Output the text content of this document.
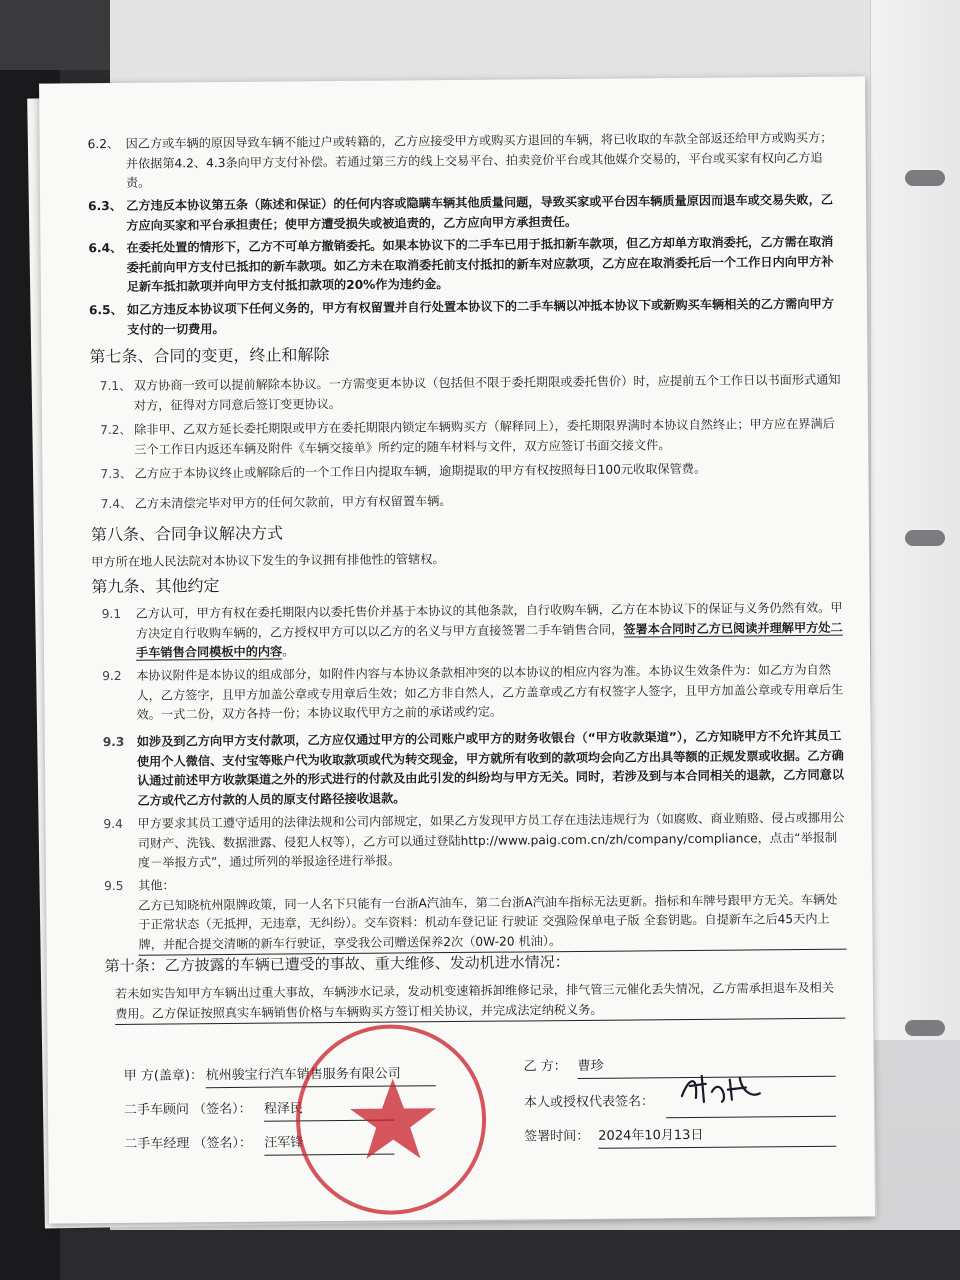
6.2、 因乙方或车辆的原因导致车辆不能过户或转籍的，乙方应接受甲方或购买方退回的车辆，将已收取的车款全部返还给甲方或购买方；并依据第4.2、4.3条向甲方支付补偿。若通过第三方的线上交易平台、拍卖竞价平台或其他媒介交易的，平台或买家有权向乙方追责。
6.3、 乙方违反本协议第五条（陈述和保证）的任何内容或隐瞒车辆其他质量问题，导致买家或平台因车辆质量原因而退车或交易失败，乙方应向买家和平台承担责任；使甲方遭受损失或被追责的，乙方应向甲方承担责任。
6.4、 在委托处置的情形下，乙方不可单方撤销委托。如果本协议下的二手车已用于抵扣新车款项，但乙方却单方取消委托，乙方需在取消委托前向甲方支付已抵扣的新车款项。如乙方未在取消委托前支付抵扣的新车对应款项，乙方应在取消委托后一个工作日内向甲方补足新车抵扣款项并向甲方支付抵扣款项的20%作为违约金。
6.5、 如乙方违反本协议项下任何义务的，甲方有权留置并自行处置本协议下的二手车辆以冲抵本协议下或新购买车辆相关的乙方需向甲方支付的一切费用。
第七条、合同的变更，终止和解除
7.1、 双方协商一致可以提前解除本协议。一方需变更本协议（包括但不限于委托期限或委托售价）时，应提前五个工作日以书面形式通知对方，征得对方同意后签订变更协议。
7.2、 除非甲、乙双方延长委托期限或甲方在委托期限内锁定车辆购买方（解释同上），委托期限界满时本协议自然终止；甲方应在界满后三个工作日内返还车辆及附件《车辆交接单》所约定的随车材料与文件，双方应签订书面交接文件。
7.3、 乙方应于本协议终止或解除后的一个工作日内提取车辆，逾期提取的甲方有权按照每日100元收取保管费。
7.4、 乙方未清偿完毕对甲方的任何欠款前，甲方有权留置车辆。
第八条、合同争议解决方式
甲方所在地人民法院对本协议下发生的争议拥有排他性的管辖权。
第九条、其他约定
9.1	乙方认可，甲方有权在委托期限内以委托售价并基于本协议的其他条款，自行收购车辆，乙方在本协议下的保证与义务仍然有效。甲方决定自行收购车辆的，乙方授权甲方可以以乙方的名义与甲方直接签署二手车销售合同，签署本合同时乙方已阅读并理解甲方处二手车销售合同模板中的内容。
9.2	本协议附件是本协议的组成部分，如附件内容与本协议条款相冲突的以本协议的相应内容为准。本协议生效条件为：如乙方为自然人，乙方签字，且甲方加盖公章或专用章后生效；如乙方非自然人，乙方盖章或乙方有权签字人签字，且甲方加盖公章或专用章后生效。一式二份，双方各持一份；本协议取代甲方之前的承诺或约定。
9.3	如涉及到乙方向甲方支付款项，乙方应仅通过甲方的公司账户或甲方的财务收银台（“甲方收款渠道”），乙方知晓甲方不允许其员工使用个人微信、支付宝等账户代为收取款项或代为转交现金，甲方就所有收到的款项均会向乙方出具等额的正规发票或收据。乙方确认通过前述甲方收款渠道之外的形式进行的付款及由此引发的纠纷均与甲方无关。同时，若涉及到与本合同相关的退款，乙方同意以乙方或代乙方付款的人员的原支付路径接收退款。
9.4	甲方要求其员工遵守适用的法律法规和公司内部规定，如果乙方发现甲方员工存在违法违规行为（如腐败、商业贿赂、侵占或挪用公司财产、洗钱、数据泄露、侵犯人权等），乙方可以通过登陆http://www.paig.com.cn/zh/company/compliance，点击“举报制度－举报方式”，通过所列的举报途径进行举报。
9.5	其他：
乙方已知晓杭州限牌政策，同一人名下只能有一台浙A汽油车，第二台浙A汽油车指标无法更新。指标和车牌号跟甲方无关。车辆处于正常状态（无抵押，无违章，无纠纷）。交车资料：机动车登记证 行驶证 交强险保单电子版 全套钥匙。自提新车之后45天内上牌，并配合提交清晰的新车行驶证，享受我公司赠送保养2次（0W-20 机油）。
第十条：乙方披露的车辆已遭受的事故、重大维修、发动机进水情况：
若未如实告知甲方车辆出过重大事故，车辆涉水记录，发动机变速箱拆卸维修记录，排气管三元催化丢失情况，乙方需承担退车及相关费用。乙方保证按照真实车辆销售价格与车辆购买方签订相关协议，并完成法定纳税义务。
甲 方(盖章)： 杭州骏宝行汽车销售服务有限公司
二手车顾问 （签名）： 程泽民
二手车经理 （签名）： 汪军锋
乙 方： 曹珍
本人或授权代表签名：
签署时间： 2024年10月13日
